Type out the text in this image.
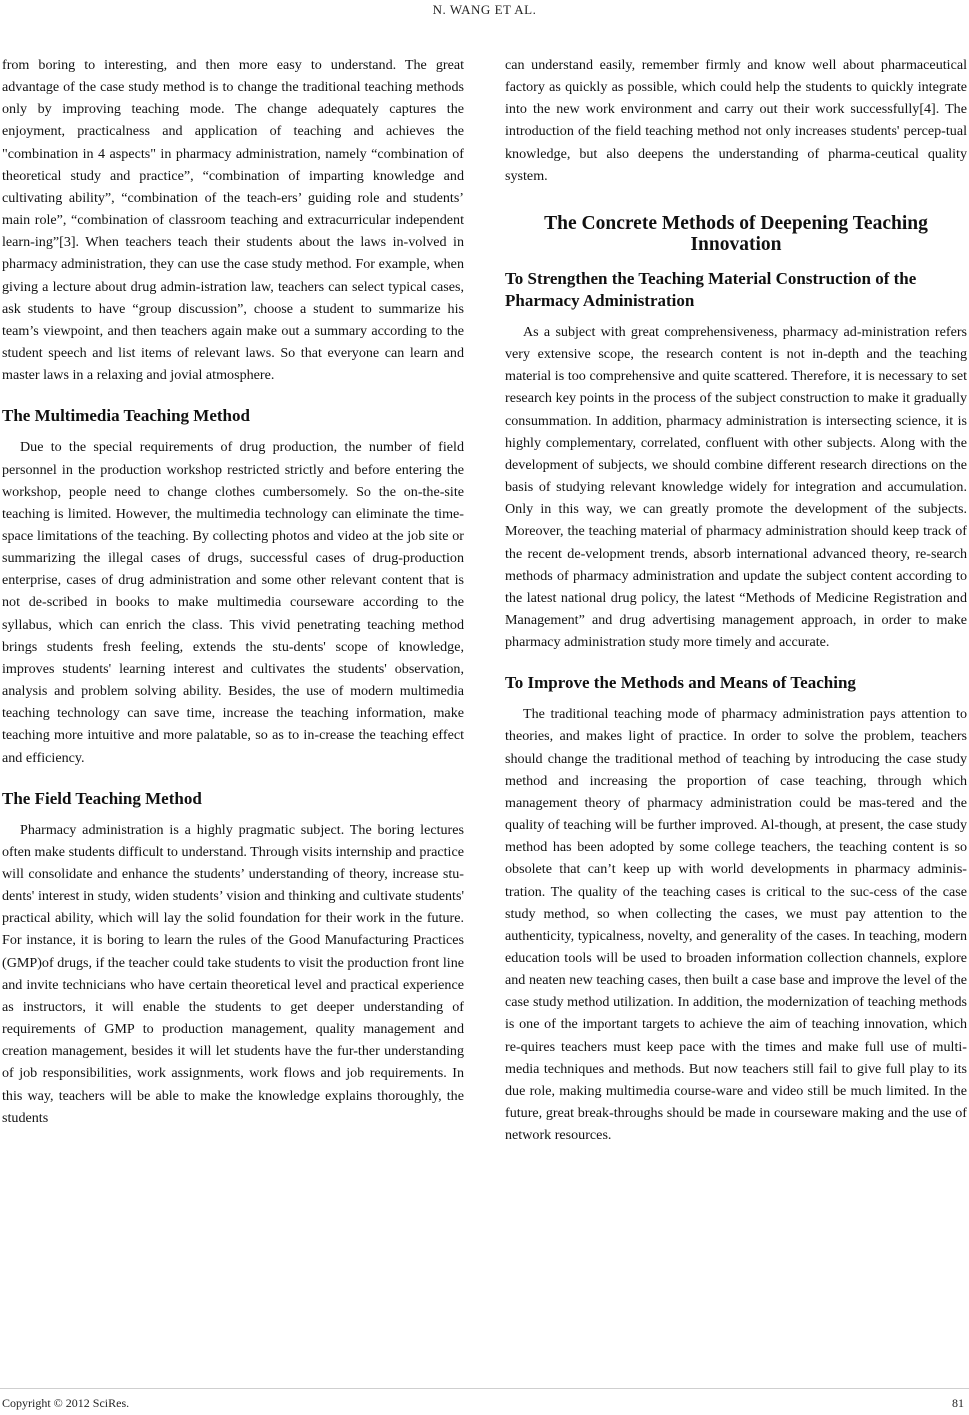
N. WANG ET AL.

from boring to interesting, and then more easy to understand. The great advantage of the case study method is to change the traditional teaching methods only by improving teaching mode. The change adequately captures the enjoyment, practicalness and application of teaching and achieves the "combination in 4 aspects" in pharmacy administration, namely “combination of theoretical study and practice”, “combination of imparting knowledge and cultivating ability”, “combination of the teach-ers’ guiding role and students’ main role”, “combination of classroom teaching and extracurricular independent learn-ing”[3]. When teachers teach their students about the laws in-volved in pharmacy administration, they can use the case study method. For example, when giving a lecture about drug admin-istration law, teachers can select typical cases, ask students to have “group discussion”, choose a student to summarize his team’s viewpoint, and then teachers again make out a summary according to the student speech and list items of relevant laws. So that everyone can learn and master laws in a relaxing and jovial atmosphere.

The Multimedia Teaching Method

Due to the special requirements of drug production, the number of field personnel in the production workshop restricted strictly and before entering the workshop, people need to change clothes cumbersomely. So the on-the-site teaching is limited. However, the multimedia technology can eliminate the time-space limitations of the teaching. By collecting photos and video at the job site or summarizing the illegal cases of drugs, successful cases of drug-production enterprise, cases of drug administration and some other relevant content that is not de-scribed in books to make multimedia courseware according to the syllabus, which can enrich the class. This vivid penetrating teaching method brings students fresh feeling, extends the stu-dents' scope of knowledge, improves students' learning interest and cultivates the students' observation, analysis and problem solving ability. Besides, the use of modern multimedia teaching technology can save time, increase the teaching information, make teaching more intuitive and more palatable, so as to in-crease the teaching effect and efficiency.

The Field Teaching Method

Pharmacy administration is a highly pragmatic subject. The boring lectures often make students difficult to understand. Through visits internship and practice will consolidate and enhance the students’ understanding of theory, increase stu-dents' interest in study, widen students’ vision and thinking and cultivate students' practical ability, which will lay the solid foundation for their work in the future. For instance, it is boring to learn the rules of the Good Manufacturing Practices (GMP)of drugs, if the teacher could take students to visit the production front line and invite technicians who have certain theoretical level and practical experience as instructors, it will enable the students to get deeper understanding of requirements of GMP to production management, quality management and creation management, besides it will let students have the fur-ther understanding of job responsibilities, work assignments, work flows and job requirements. In this way, teachers will be able to make the knowledge explains thoroughly, the students

can understand easily, remember firmly and know well about pharmaceutical factory as quickly as possible, which could help the students to quickly integrate into the new work environment and carry out their work successfully[4]. The introduction of the field teaching method not only increases students' percep-tual knowledge, but also deepens the understanding of pharma-ceutical quality system.

The Concrete Methods of Deepening Teaching Innovation
To Strengthen the Teaching Material Construction of the Pharmacy Administration

As a subject with great comprehensiveness, pharmacy ad-ministration refers very extensive scope, the research content is not in-depth and the teaching material is too comprehensive and quite scattered. Therefore, it is necessary to set research key points in the process of the subject construction to make it gradually consummation. In addition, pharmacy administration is intersecting science, it is highly complementary, correlated, confluent with other subjects. Along with the development of subjects, we should combine different research directions on the basis of studying relevant knowledge widely for integration and accumulation. Only in this way, we can greatly promote the development of the subjects. Moreover, the teaching material of pharmacy administration should keep track of the recent de-velopment trends, absorb international advanced theory, re-search methods of pharmacy administration and update the subject content according to the latest national drug policy, the latest “Methods of Medicine Registration and Management” and drug advertising management approach, in order to make pharmacy administration study more timely and accurate.

To Improve the Methods and Means of Teaching

The traditional teaching mode of pharmacy administration pays attention to theories, and makes light of practice. In order to solve the problem, teachers should change the traditional method of teaching by introducing the case study method and increasing the proportion of case teaching, through which management theory of pharmacy administration could be mas-tered and the quality of teaching will be further improved. Al-though, at present, the case study method has been adopted by some college teachers, the teaching content is so obsolete that can’t keep up with world developments in pharmacy adminis-tration. The quality of the teaching cases is critical to the suc-cess of the case study method, so when collecting the cases, we must pay attention to the authenticity, typicalness, novelty, and generality of the cases. In teaching, modern education tools will be used to broaden information collection channels, explore and neaten new teaching cases, then built a case base and improve the level of the case study method utilization. In addition, the modernization of teaching methods is one of the important targets to achieve the aim of teaching innovation, which re-quires teachers must keep pace with the times and make full use of multi-media techniques and methods. But now teachers still fail to give full play to its due role, making multimedia course-ware and video still be much limited. In the future, great break-throughs should be made in courseware making and the use of network resources.

Copyright © 2012 SciRes.	81
